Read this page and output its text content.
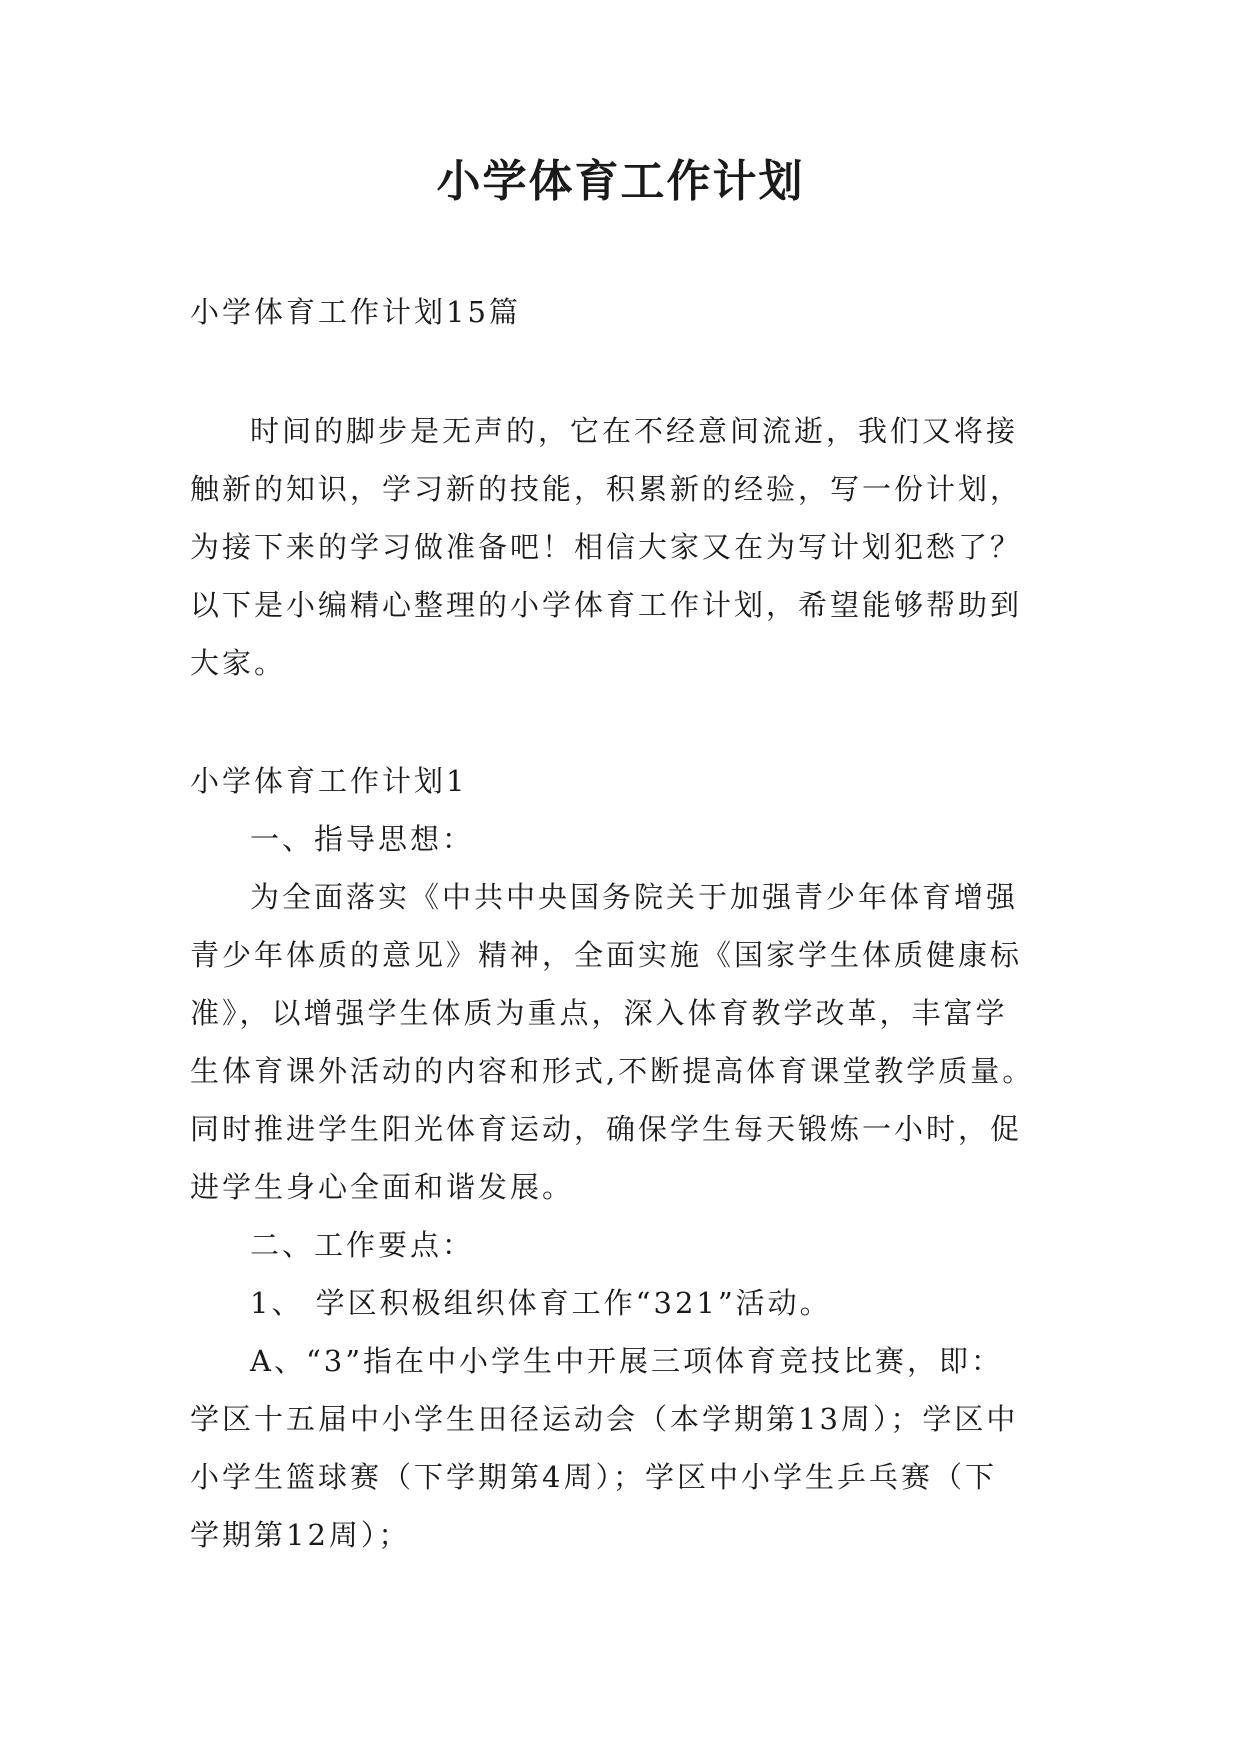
小学体育工作计划

小学体育工作计划15篇

时间的脚步是无声的，它在不经意间流逝，我们又将接
触新的知识，学习新的技能，积累新的经验，写一份计划，
为接下来的学习做准备吧！相信大家又在为写计划犯愁了？
以下是小编精心整理的小学体育工作计划，希望能够帮助到
大家。
小学体育工作计划1
一、指导思想：
为全面落实《中共中央国务院关于加强青少年体育增强
青少年体质的意见》精神，全面实施《国家学生体质健康标
准》，以增强学生体质为重点，深入体育教学改革，丰富学
生体育课外活动的内容和形式,不断提高体育课堂教学质量。
同时推进学生阳光体育运动，确保学生每天锻炼一小时，促
进学生身心全面和谐发展。
二、工作要点：
1、 学区积极组织体育工作“321”活动。
A、“3”指在中小学生中开展三项体育竞技比赛，即：
学区十五届中小学生田径运动会（本学期第13周）；学区中
小学生篮球赛（下学期第4周）；学区中小学生乒乓赛（下
学期第12周）；
